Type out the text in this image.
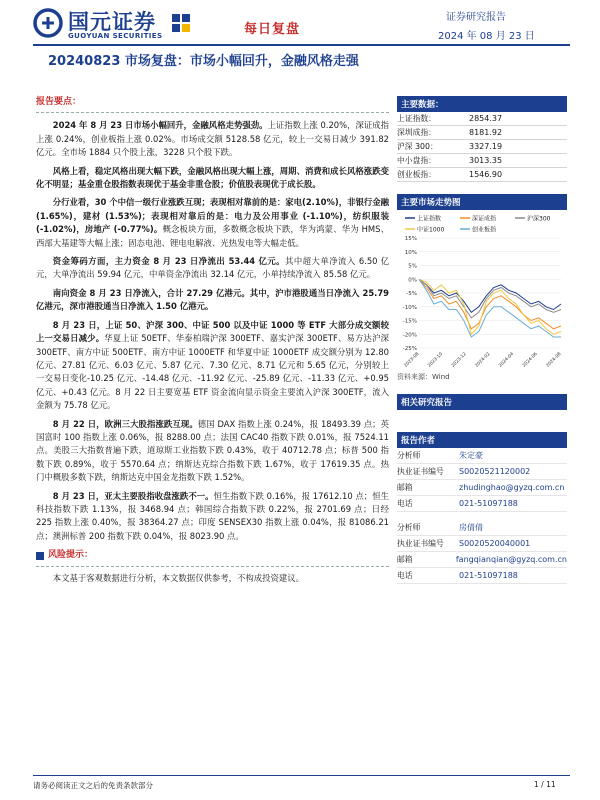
国元证券
GUOYUAN SECURITIES	每日复盘
证券研究报告
2024 年 08 月 23 日
20240823 市场复盘：市场小幅回升，金融风格走强
报告要点：

2024 年 8 月 23 日市场小幅回升，金融风格走势强劲。上证指数上涨 0.20%，深证成指上涨 0.24%，创业板指上涨 0.02%。市场成交额 5128.58 亿元，较上一交易日减少 391.82 亿元。全市场 1884 只个股上涨，3228 只个股下跌。

风格上看，稳定风格出现大幅下跌，金融风格出现大幅上涨，周期、消费和成长风格涨跌变化不明显；基金重仓股指数表现优于基金非重仓股；价值股表现优于成长股。

分行业看，30 个中信一级行业涨跌互现；表现相对靠前的是：家电(2.10%)，非银行金融 (1.65%)，建材 (1.53%)；表现相对靠后的是：电力及公用事业 (-1.10%)，纺织服装 (-1.02%)，房地产 (-0.77%)。概念板块方面，多数概念板块下跌，华为鸿蒙、华为 HMS、西部大基建等大幅上涨；固态电池、锂电电解液、光热发电等大幅走低。

资金筹码方面，主力资金 8 月 23 日净流出 53.44 亿元。其中超大单净流入 6.50 亿元，大单净流出 59.94 亿元，中单资金净流出 32.14 亿元，小单持续净流入 85.58 亿元。

南向资金 8 月 23 日净流入，合计 27.29 亿港元。其中，沪市港股通当日净流入 25.79 亿港元，深市港股通当日净流入 1.50 亿港元。

8 月 23 日，上证 50、沪深 300、中证 500 以及中证 1000 等 ETF 大部分成交额较上一交易日减少。华夏上证 50ETF、华泰柏瑞沪深 300ETF、嘉实沪深 300ETF、易方达沪深 300ETF、南方中证 500ETF、南方中证 1000ETF 和华夏中证 1000ETF 成交额分别为 12.80 亿元、27.81 亿元、6.03 亿元、5.87 亿元、7.30 亿元、8.71 亿元和 5.65 亿元，分别较上一交易日变化-10.25 亿元、-14.48 亿元、-11.92 亿元、-25.89 亿元、-11.33 亿元、+0.95 亿元、+0.43 亿元。8 月 22 日主要宽基 ETF 资金流向显示资金主要流入沪深 300ETF，流入金额为 75.78 亿元。

8 月 22 日，欧洲三大股指涨跌互现。德国 DAX 指数上涨 0.24%，报 18493.39 点；英国富时 100 指数上涨 0.06%，报 8288.00 点；法国 CAC40 指数下跌 0.01%，报 7524.11 点。美股三大指数普遍下跌，道琼斯工业指数下跌 0.43%，收于 40712.78 点；标普 500 指数下跌 0.89%，收于 5570.64 点；纳斯达克综合指数下跌 1.67%，收于 17619.35 点。热门中概股多数下跌，纳斯达克中国金龙指数下跌 1.52%。

8 月 23 日，亚太主要股指收盘涨跌不一。恒生指数下跌 0.16%，报 17612.10 点；恒生科技指数下跌 1.13%，报 3468.94 点；韩国综合指数下跌 0.22%，报 2701.69 点；日经 225 指数上涨 0.40%，报 38364.27 点；印度 SENSEX30 指数上涨 0.04%，报 81086.21 点；澳洲标普 200 指数下跌 0.04%，报 8023.90 点。

风险提示：
本文基于客观数据进行分析，本文数据仅供参考，不构成投资建议。
主要数据：
上证指数：	2854.37
深圳成指：	8181.92
沪深 300：	3327.19
中小盘指：	3013.35
创业板指：	1546.90
主要市场走势图
上证指数	深证成指	沪深300
中证1000	创业板指
15%
10%
5%
0%
-5%
-10%
-15%
-20%
-25%
2023-08 2023-10 2023-12 2024-02 2024-04 2024-06 2024-08
资料来源：Wind
相关研究报告
报告作者
分析师	朱定豪
执业证书编号	S0020521120002
邮箱	zhudinghao@gyzq.com.cn
电话	021-51097188
分析师	房倩倩
执业证书编号	S0020520040001
邮箱	fangqianqian@gyzq.com.cn
电话	021-51097188
请务必阅读正文之后的免责条款部分	1 / 11
